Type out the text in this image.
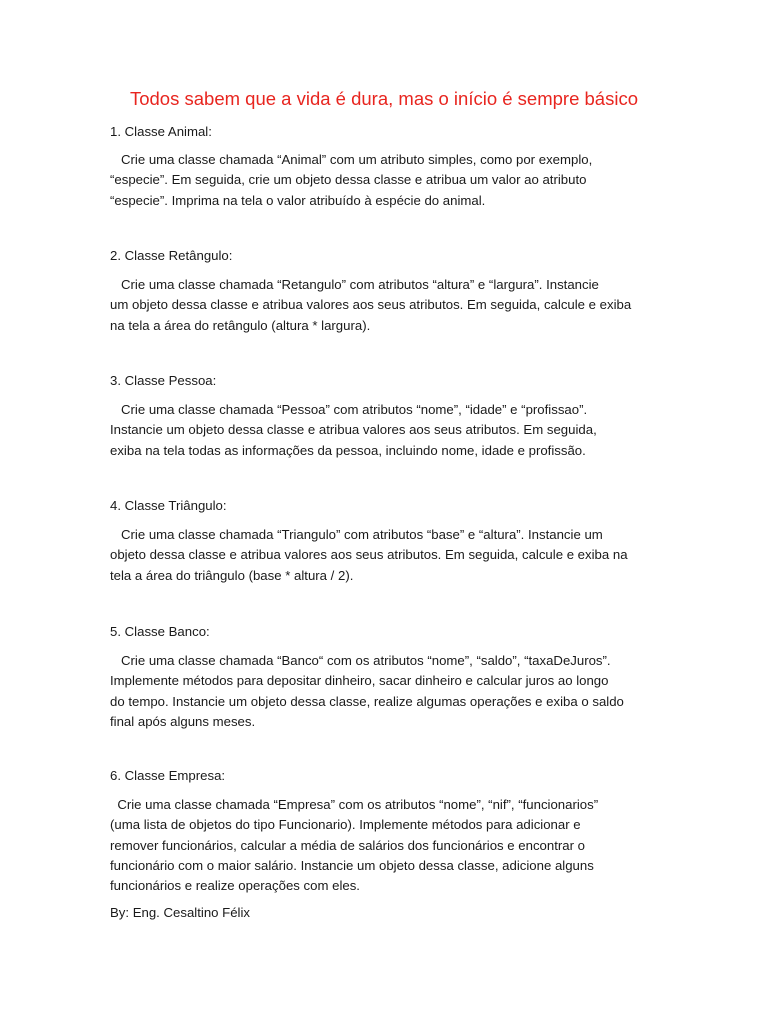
Todos sabem que a vida é dura, mas o início é sempre básico
1. Classe Animal:
Crie uma classe chamada “Animal” com um atributo simples, como por exemplo,
“especie”. Em seguida, crie um objeto dessa classe e atribua um valor ao atributo
“especie”. Imprima na tela o valor atribuído à espécie do animal.
2. Classe Retângulo:
Crie uma classe chamada “Retangulo” com atributos “altura” e “largura”. Instancie
um objeto dessa classe e atribua valores aos seus atributos. Em seguida, calcule e exiba
na tela a área do retângulo (altura * largura).
3. Classe Pessoa:
Crie uma classe chamada “Pessoa” com atributos “nome”, “idade” e “profissao”.
Instancie um objeto dessa classe e atribua valores aos seus atributos. Em seguida,
exiba na tela todas as informações da pessoa, incluindo nome, idade e profissão.
4. Classe Triângulo:
Crie uma classe chamada “Triangulo” com atributos “base” e “altura”. Instancie um
objeto dessa classe e atribua valores aos seus atributos. Em seguida, calcule e exiba na
tela a área do triângulo (base * altura / 2).
5. Classe Banco:
Crie uma classe chamada “Banco“ com os atributos “nome”, “saldo”, “taxaDeJuros”.
Implemente métodos para depositar dinheiro, sacar dinheiro e calcular juros ao longo
do tempo. Instancie um objeto dessa classe, realize algumas operações e exiba o saldo
final após alguns meses.
6. Classe Empresa:
Crie uma classe chamada “Empresa” com os atributos “nome”, “nif”, “funcionarios”
(uma lista de objetos do tipo Funcionario). Implemente métodos para adicionar e
remover funcionários, calcular a média de salários dos funcionários e encontrar o
funcionário com o maior salário. Instancie um objeto dessa classe, adicione alguns
funcionários e realize operações com eles.
By: Eng. Cesaltino Félix
